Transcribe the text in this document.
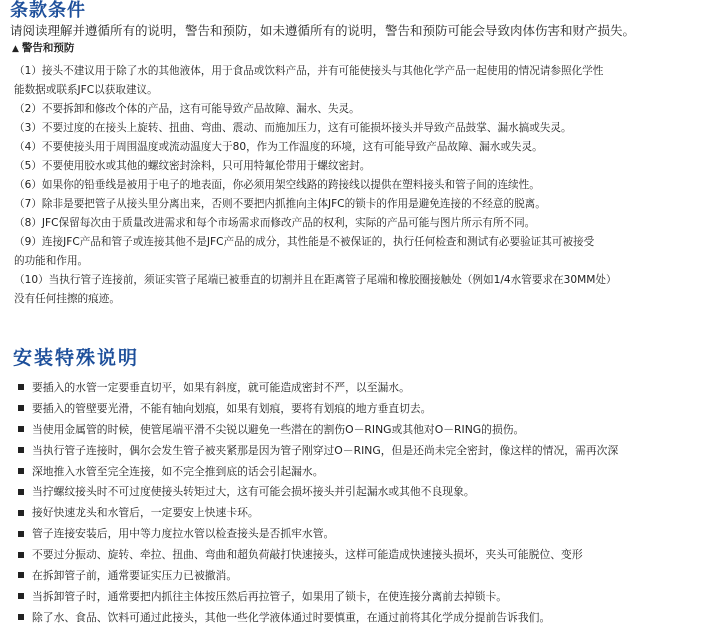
条款条件
请阅读理解并遵循所有的说明，警告和预防，如未遵循所有的说明，警告和预防可能会导致肉体伤害和财产损失。
▲ 警告和预防

（1）接头不建议用于除了水的其他液体，用于食品或饮料产品，并有可能使接头与其他化学产品一起使用的情况请参照化学性

能数据或联系JFC以获取建议。

（2）不要拆卸和修改个体的产品，这有可能导致产品故障、漏水、失灵。

（3）不要过度的在接头上旋转、扭曲、弯曲、震动、而施加压力，这有可能损坏接头并导致产品鼓掌、漏水搞或失灵。

（4）不要使接头用于周围温度或流动温度大于80，作为工作温度的环境，这有可能导致产品故障、漏水或失灵。

（5）不要使用胶水或其他的螺纹密封涂料，只可用特氟伦带用于螺纹密封。

（6）如果你的铅垂线是被用于电子的地表面，你必须用架空线路的跨接线以提供在塑料接头和管子间的连续性。

（7）除非是要把管子从接头里分离出来，否则不要把内抓推向主体JFC的锁卡的作用是避免连接的不经意的脱离。

（8）JFC保留每次由于质量改进需求和每个市场需求而修改产品的权利，实际的产品可能与图片所示有所不同。

（9）连接JFC产品和管子或连接其他不是JFC产品的成分，其性能是不被保证的，执行任何检查和测试有必要验证其可被接受

的功能和作用。

（10）当执行管子连接前，须证实管子尾端已被垂直的切割并且在距离管子尾端和橡胶圈接触处（例如1/4水管要求在30MM处）

没有任何挂擦的痕迹。

安装特殊说明
要插入的水管一定要垂直切平，如果有斜度，就可能造成密封不严，以至漏水。
要插入的管壁要光滑，不能有轴向划痕，如果有划痕，要将有划痕的地方垂直切去。
当使用金属管的时候，使管尾端平滑不尖锐以避免一些潜在的割伤O－RING或其他对O－RING的损伤。
当执行管子连接时，偶尔会发生管子被夹紧那是因为管子刚穿过O－RING，但是还尚未完全密封，像这样的情况，需再次深
深地推入水管至完全连接，如不完全推到底的话会引起漏水。
当拧螺纹接头时不可过度使接头转矩过大，这有可能会损坏接头并引起漏水或其他不良现象。
接好快速龙头和水管后，一定要安上快速卡环。
管子连接安装后，用中等力度拉水管以检查接头是否抓牢水管。
不要过分振动、旋转、牵拉、扭曲、弯曲和超负荷敲打快速接头，这样可能造成快速接头损坏，夹头可能脱位、变形
在拆卸管子前，通常要证实压力已被撤消。
当拆卸管子时，通常要把内抓往主体按压然后再拉管子，如果用了锁卡，在使连接分离前去掉锁卡。
除了水、食品、饮料可通过此接头，其他一些化学液体通过时要慎重，在通过前将其化学成分提前告诉我们。
